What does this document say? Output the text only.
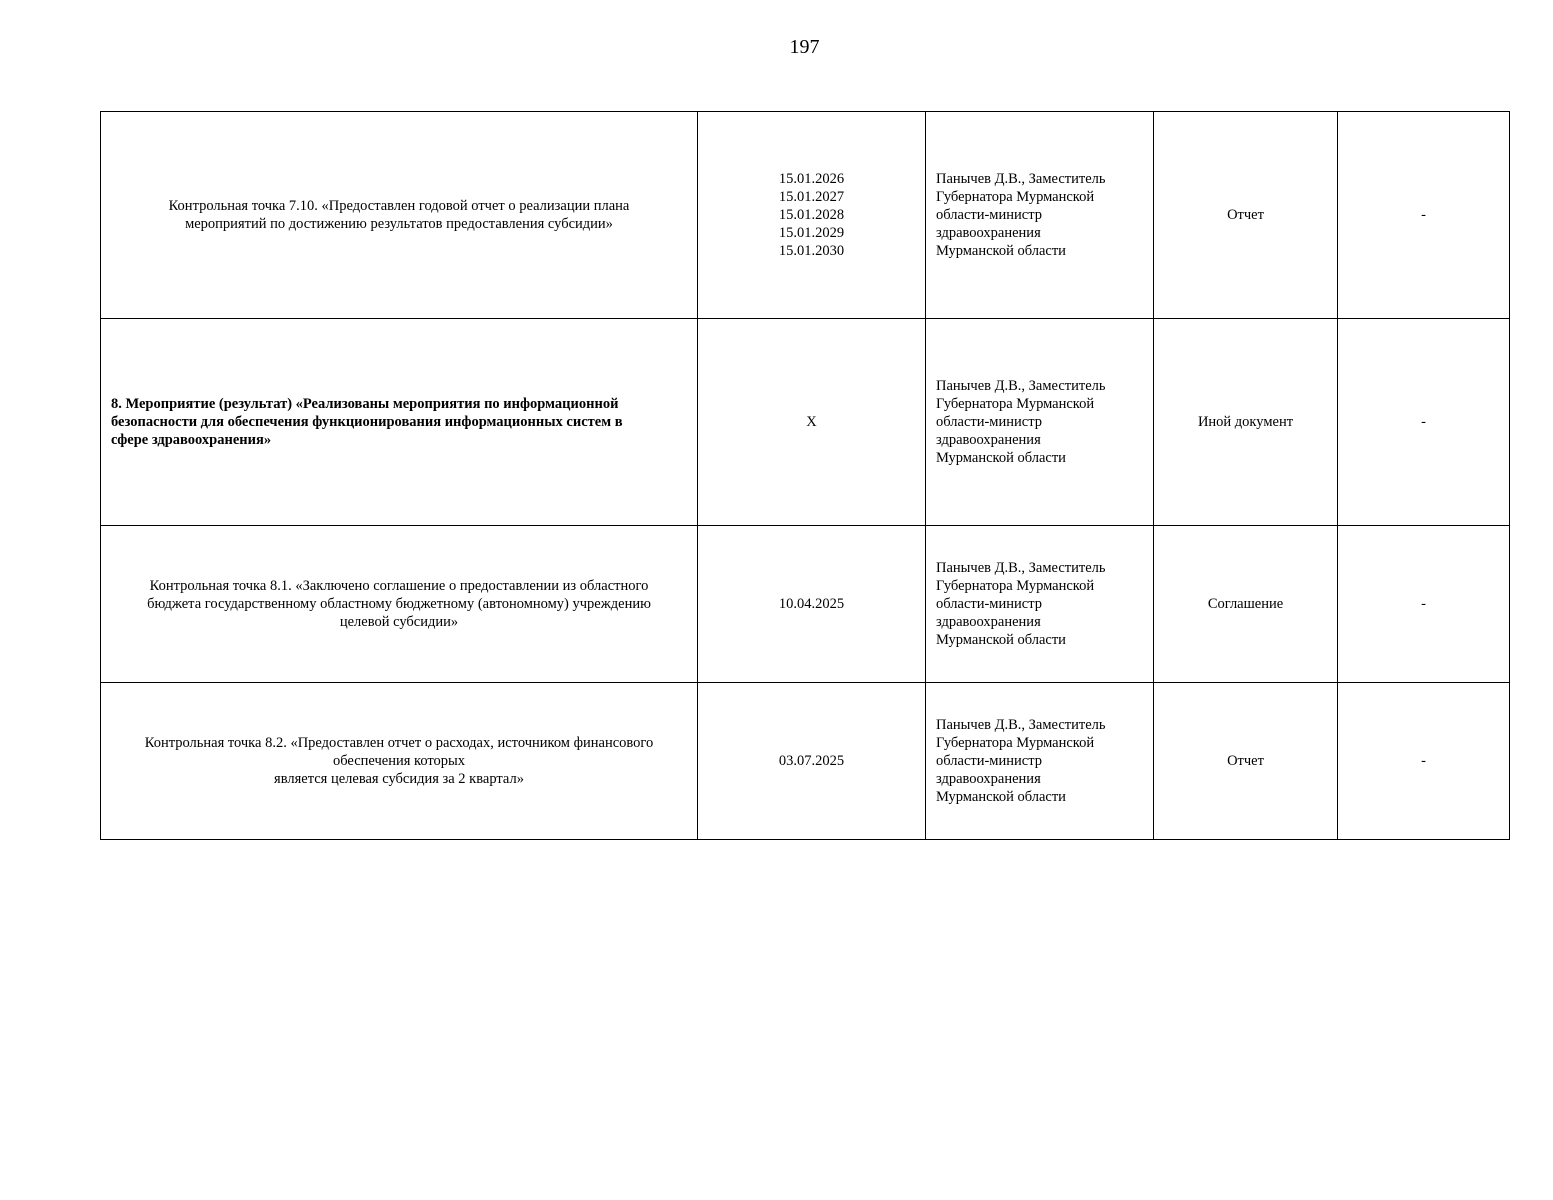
197
Контрольная точка 7.10. «Предоставлен годовой отчет о реализации плана
мероприятий по достижению результатов предоставления субсидии»	15.01.2026
15.01.2027
15.01.2028
15.01.2029
15.01.2030	Панычев Д.В., Заместитель
Губернатора Мурманской
области-министр
здравоохранения
Мурманской области	Отчет	-

8. Мероприятие (результат) «Реализованы мероприятия по информационной
безопасности для обеспечения функционирования информационных систем в
сфере здравоохранения»	X	Панычев Д.В., Заместитель
Губернатора Мурманской
области-министр
здравоохранения
Мурманской области	Иной документ	-

Контрольная точка 8.1. «Заключено соглашение о предоставлении из областного
бюджета государственному областному бюджетному (автономному) учреждению
целевой субсидии»	10.04.2025	Панычев Д.В., Заместитель
Губернатора Мурманской
области-министр
здравоохранения
Мурманской области	Соглашение	-

Контрольная точка 8.2. «Предоставлен отчет о расходах, источником финансового
обеспечения которых
является целевая субсидия за 2 квартал»	03.07.2025	Панычев Д.В., Заместитель
Губернатора Мурманской
области-министр
здравоохранения
Мурманской области	Отчет	-
